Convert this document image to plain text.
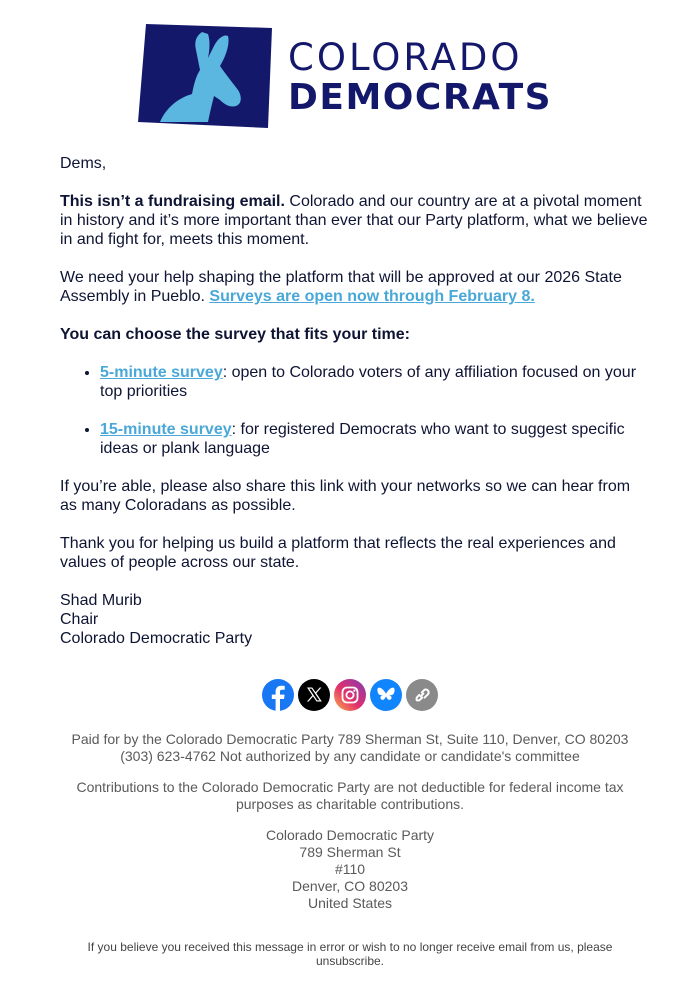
COLORADO
DEMOCRATS

Dems,

This isn’t a fundraising email. Colorado and our country are at a pivotal moment in history and it’s more important than ever that our Party platform, what we believe in and fight for, meets this moment.

We need your help shaping the platform that will be approved at our 2026 State Assembly in Pueblo. Surveys are open now through February 8.

You can choose the survey that fits your time:

• 5-minute survey: open to Colorado voters of any affiliation focused on your top priorities
• 15-minute survey: for registered Democrats who want to suggest specific ideas or plank language

If you’re able, please also share this link with your networks so we can hear from as many Coloradans as possible.

Thank you for helping us build a platform that reflects the real experiences and values of people across our state.

Shad Murib

Chair

Colorado Democratic Party

Paid for by the Colorado Democratic Party 789 Sherman St, Suite 110, Denver, CO 80203 (303) 623-4762 Not authorized by any candidate or candidate's committee

Contributions to the Colorado Democratic Party are not deductible for federal income tax purposes as charitable contributions.

Colorado Democratic Party

789 Sherman St

#110

Denver, CO 80203

United States

If you believe you received this message in error or wish to no longer receive email from us, please unsubscribe.
